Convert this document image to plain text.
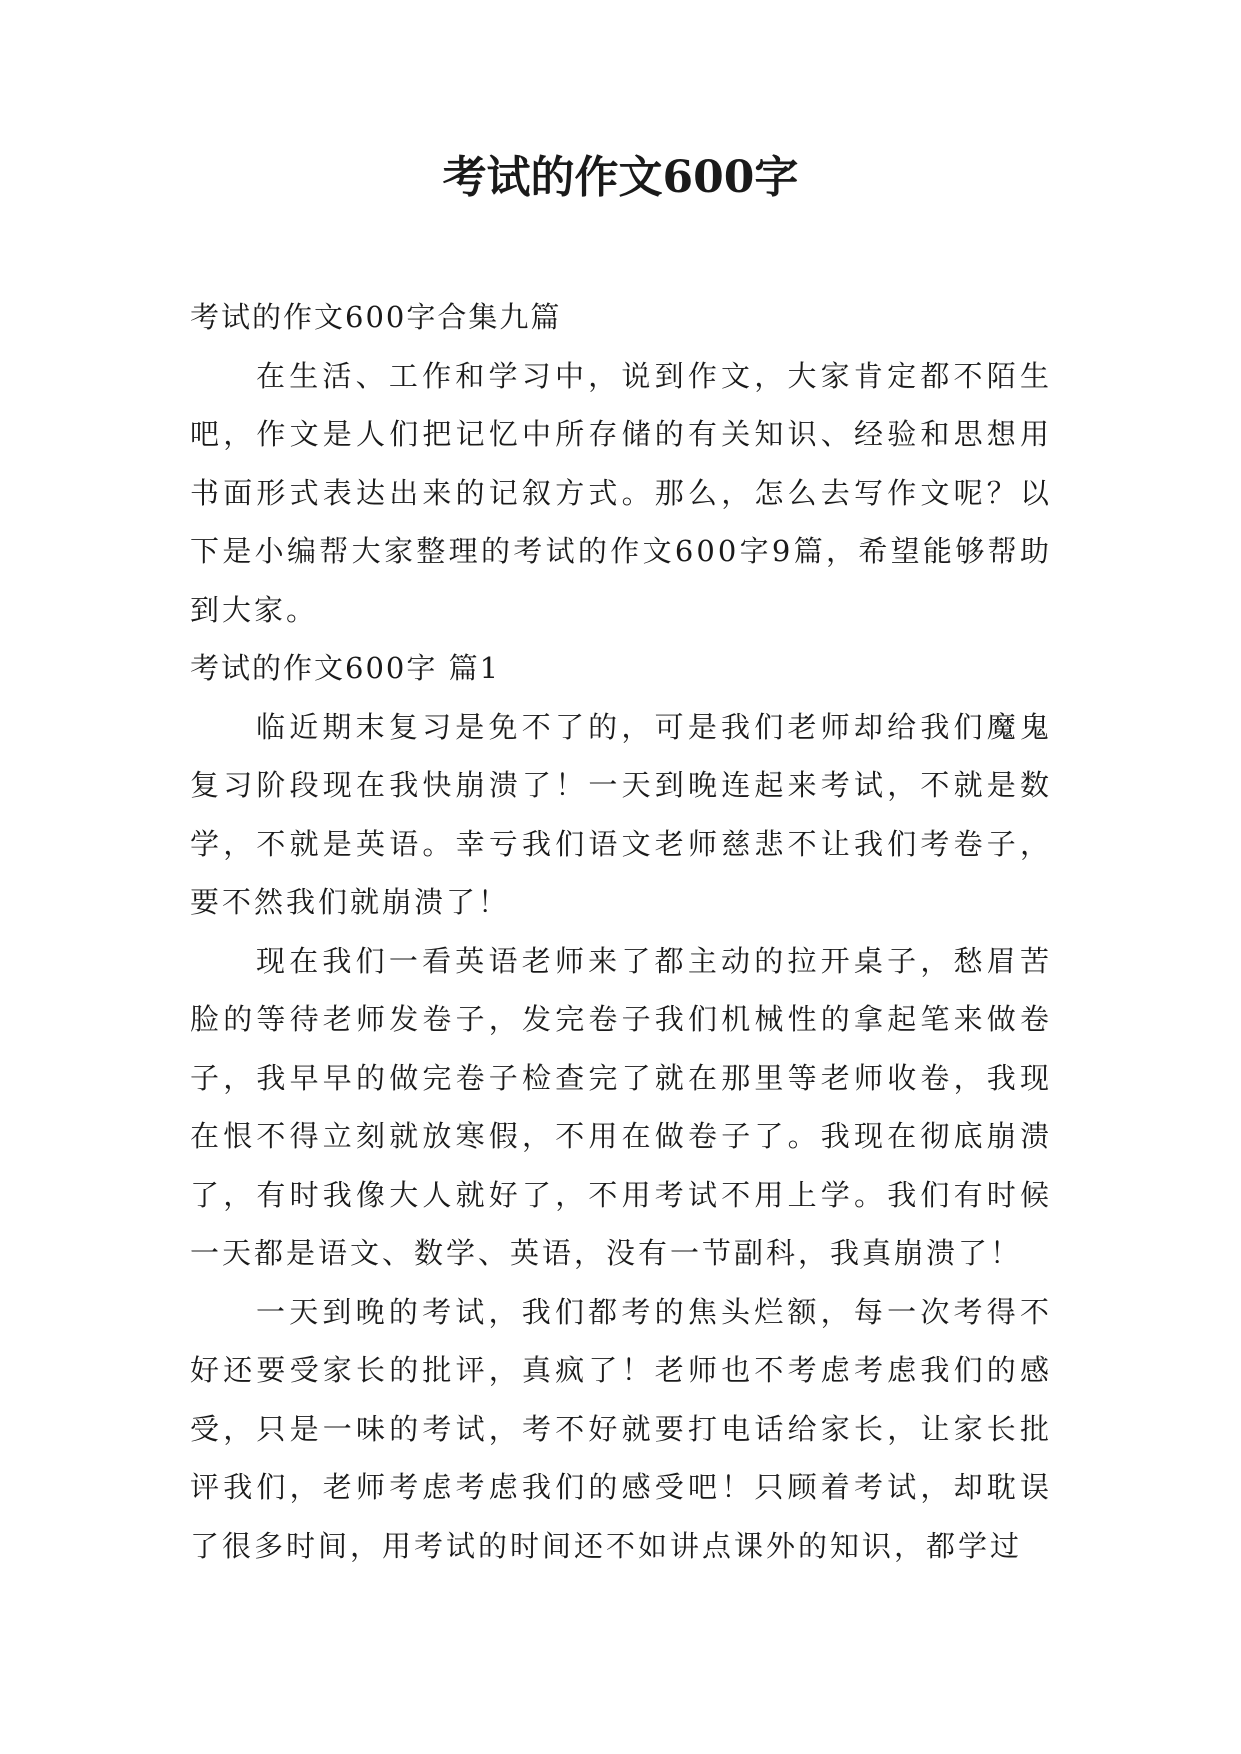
考试的作文600字

考试的作文600字合集九篇

在生活、工作和学习中，说到作文，大家肯定都不陌生吧，作文是人们把记忆中所存储的有关知识、经验和思想用书面形式表达出来的记叙方式。那么，怎么去写作文呢？以下是小编帮大家整理的考试的作文600字9篇，希望能够帮助到大家。

考试的作文600字 篇1

临近期末复习是免不了的，可是我们老师却给我们魔鬼复习阶段现在我快崩溃了！一天到晚连起来考试，不就是数学，不就是英语。幸亏我们语文老师慈悲不让我们考卷子，要不然我们就崩溃了！

现在我们一看英语老师来了都主动的拉开桌子，愁眉苦脸的等待老师发卷子，发完卷子我们机械性的拿起笔来做卷子，我早早的做完卷子检查完了就在那里等老师收卷，我现在恨不得立刻就放寒假，不用在做卷子了。我现在彻底崩溃了，有时我像大人就好了，不用考试不用上学。我们有时候一天都是语文、数学、英语，没有一节副科，我真崩溃了！

一天到晚的考试，我们都考的焦头烂额，每一次考得不好还要受家长的批评，真疯了！老师也不考虑考虑我们的感受，只是一味的考试，考不好就要打电话给家长，让家长批评我们，老师考虑考虑我们的感受吧！只顾着考试，却耽误了很多时间，用考试的时间还不如讲点课外的知识，都学过
